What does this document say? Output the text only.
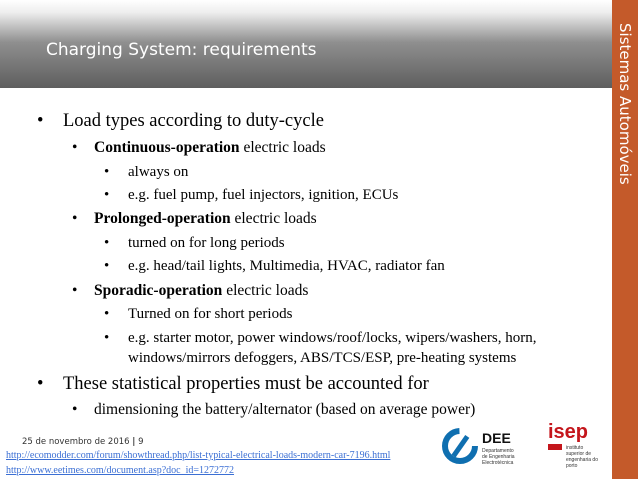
Charging System: requirements	Sistemas Automóveis
• Load types according to duty-cycle
• Continuous-operation electric loads
• always on
• e.g. fuel pump, fuel injectors, ignition, ECUs
• Prolonged-operation electric loads
• turned on for long periods
• e.g. head/tail lights, Multimedia, HVAC, radiator fan
• Sporadic-operation electric loads
• Turned on for short periods
• e.g. starter motor, power windows/roof/locks, wipers/washers, horn,
windows/mirrors defoggers, ABS/TCS/ESP, pre-heating systems
• These statistical properties must be accounted for
• dimensioning the battery/alternator (based on average power)
25 de novembro de 2016 | 9
http://ecomodder.com/forum/showthread.php/list-typical-electrical-loads-modern-car-7196.html
http://www.eetimes.com/document.asp?doc_id=1272772
DEE
Departamento
de Engenharia
Electrotécnica
isep
instituto
superior de
engenharia do
porto
